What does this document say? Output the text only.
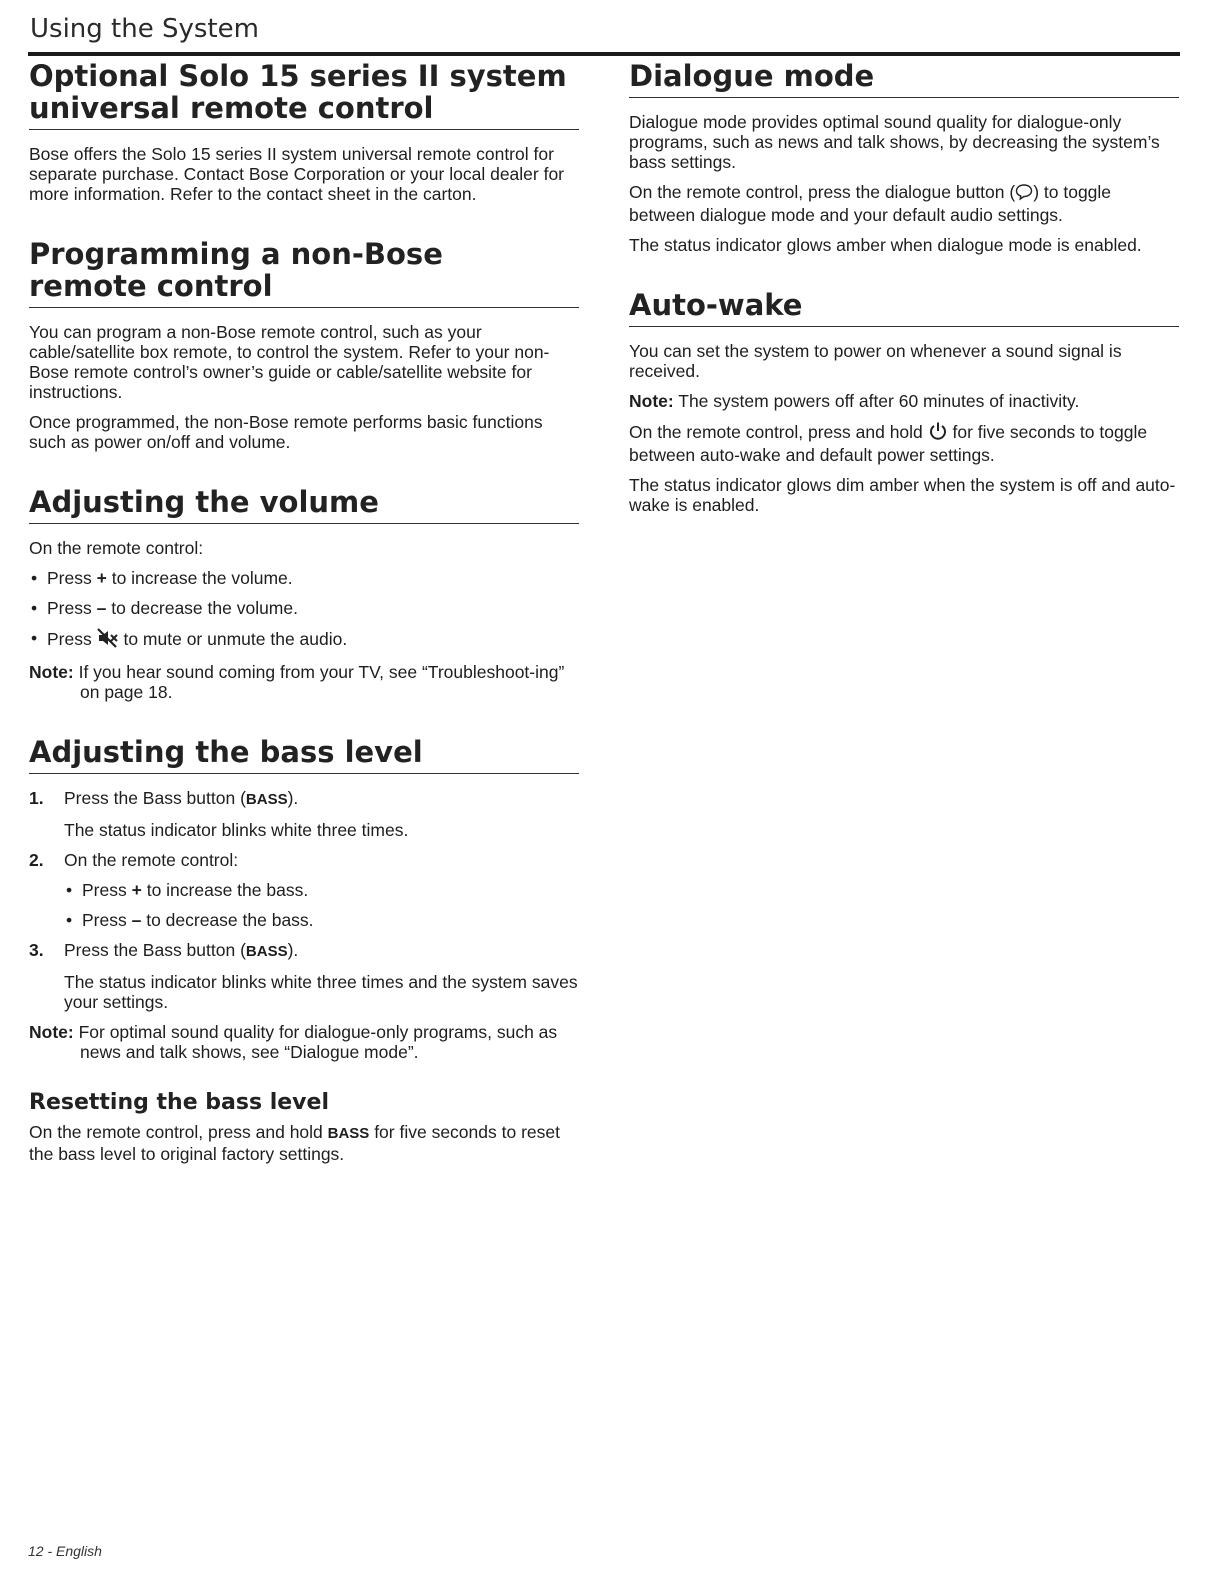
Using the System
Optional Solo 15 series II system
universal remote control

Bose offers the Solo 15 series II system universal remote control for separate purchase. Contact Bose Corporation or your local dealer for more information. Refer to the contact sheet in the carton.

Programming a non-Bose
remote control

You can program a non-Bose remote control, such as your cable/satellite box remote, to control the system. Refer to your non-Bose remote control’s owner’s guide or cable/satellite website for instructions.

Once programmed, the non-Bose remote performs basic functions such as power on/off and volume.

Adjusting the volume

On the remote control:

• Press + to increase the volume.
• Press – to decrease the volume.
• Press  to mute or unmute the audio.

Note: If you hear sound coming from your TV, see “Troubleshoot-ing” on page 18.

Adjusting the bass level
1. Press the Bass button (BASS).

The status indicator blinks white three times.

2. On the remote control:
• Press + to increase the bass.
• Press – to decrease the bass.
3. Press the Bass button (BASS).

The status indicator blinks white three times and the system saves your settings.

Note: For optimal sound quality for dialogue-only programs, such as news and talk shows, see “Dialogue mode”.

Resetting the bass level

On the remote control, press and hold BASS for five seconds to reset the bass level to original factory settings.

Dialogue mode

Dialogue mode provides optimal sound quality for dialogue-only programs, such as news and talk shows, by decreasing the system’s bass settings.

On the remote control, press the dialogue button ( ) to toggle between dialogue mode and your default audio settings.

The status indicator glows amber when dialogue mode is enabled.

Auto-wake

You can set the system to power on whenever a sound signal is received.

Note: The system powers off after 60 minutes of inactivity.

On the remote control, press and hold  for five seconds to toggle between auto-wake and default power settings.

The status indicator glows dim amber when the system is off and auto-wake is enabled.

12 - English
